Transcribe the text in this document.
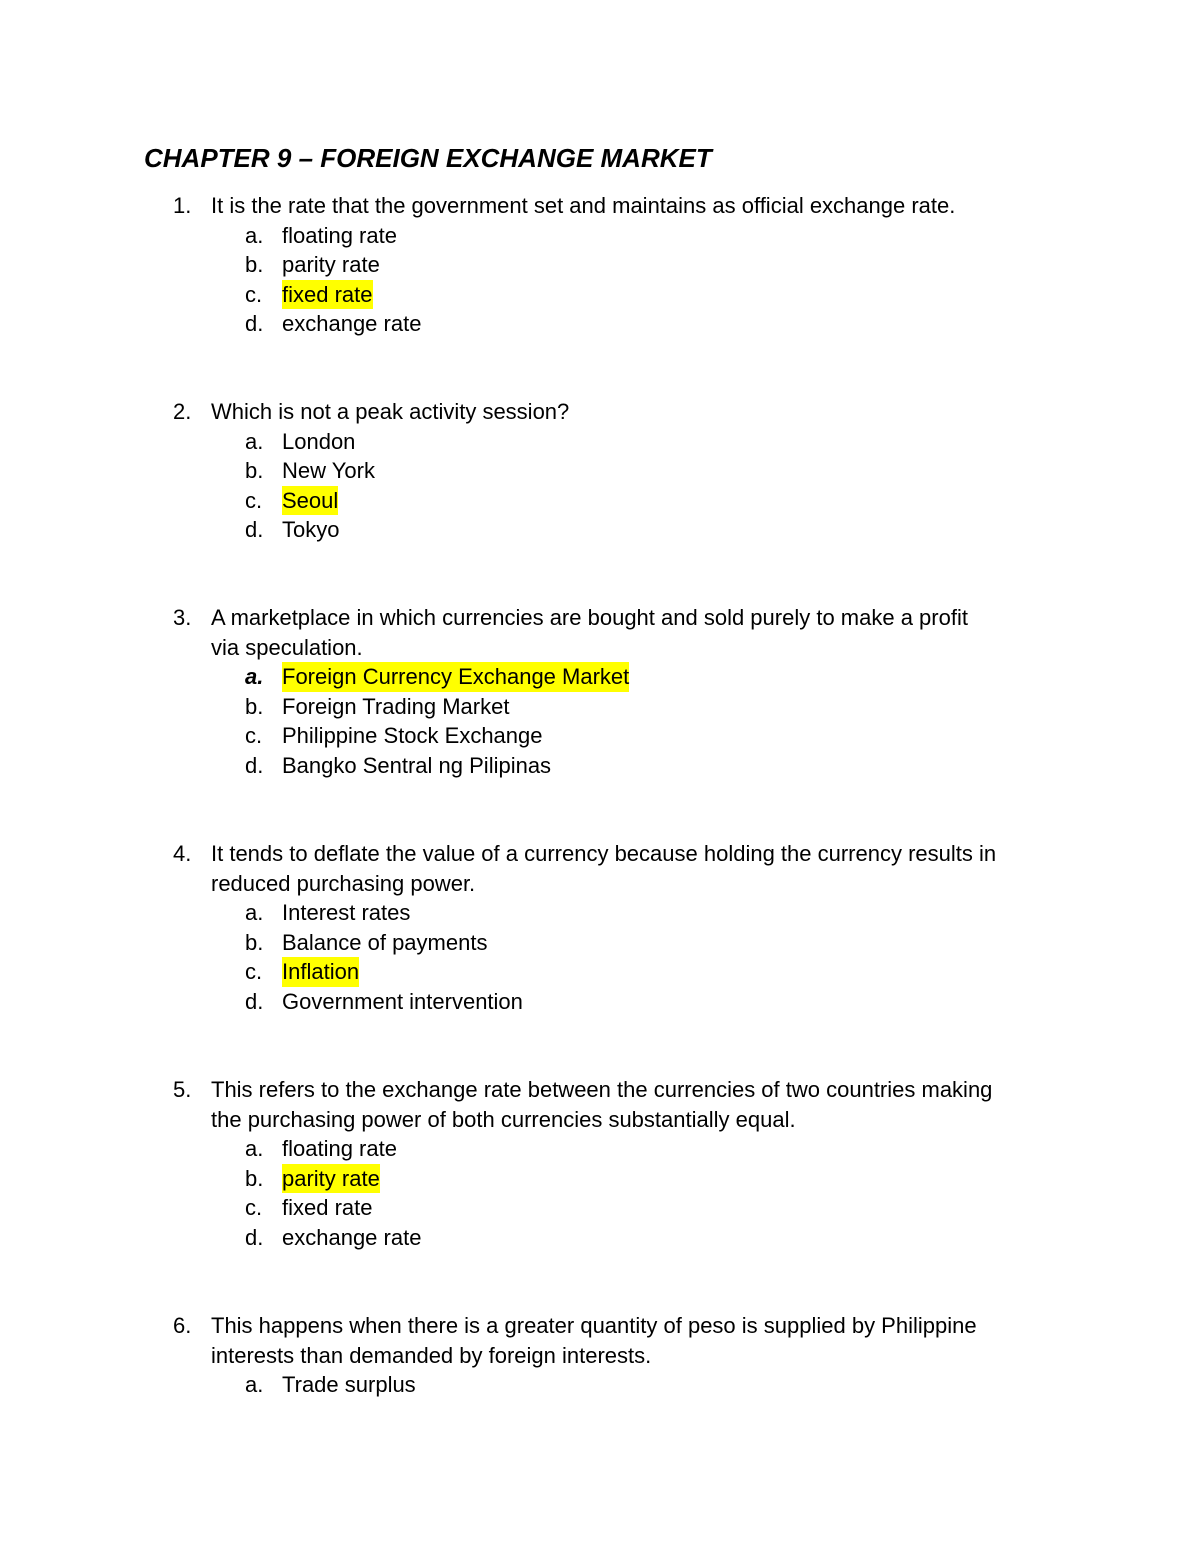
CHAPTER 9 – FOREIGN EXCHANGE MARKET
1. It is the rate that the government set and maintains as official exchange rate.
a. floating rate
b. parity rate
c. fixed rate
d. exchange rate
2. Which is not a peak activity session?
a. London
b. New York
c. Seoul
d. Tokyo
3. A marketplace in which currencies are bought and sold purely to make a profit
via speculation.
a. Foreign Currency Exchange Market
b. Foreign Trading Market
c. Philippine Stock Exchange
d. Bangko Sentral ng Pilipinas
4. It tends to deflate the value of a currency because holding the currency results in
reduced purchasing power.
a. Interest rates
b. Balance of payments
c. Inflation
d. Government intervention
5. This refers to the exchange rate between the currencies of two countries making
the purchasing power of both currencies substantially equal.
a. floating rate
b. parity rate
c. fixed rate
d. exchange rate
6. This happens when there is a greater quantity of peso is supplied by Philippine
interests than demanded by foreign interests.
a. Trade surplus
